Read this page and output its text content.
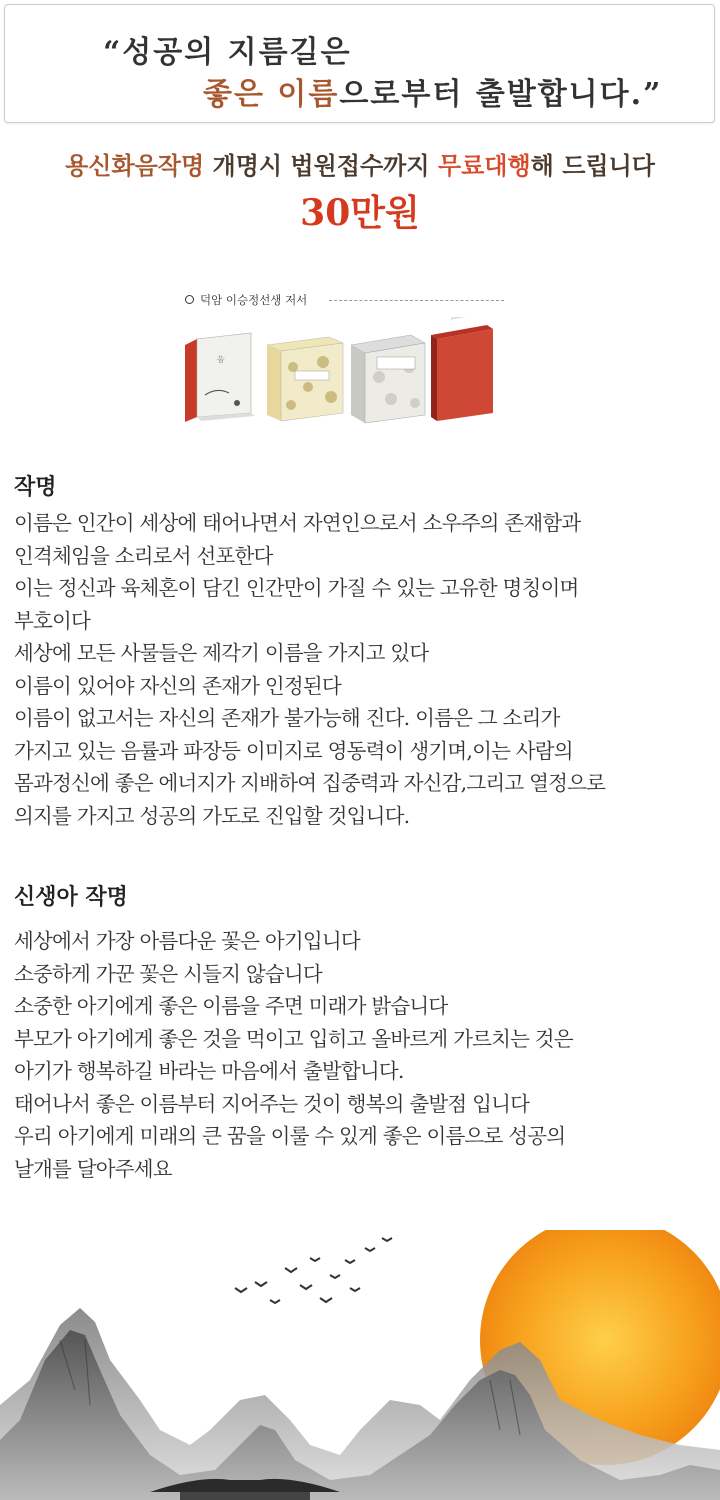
“성공의 지름길은
좋은 이름으로부터 출발합니다.”
용신화음작명 개명시 법원접수까지 무료대행해 드립니다
30만원
덕암 이승정선생 저서
음
작명
이름은 인간이 세상에 태어나면서 자연인으로서 소우주의 존재함과
인격체임을 소리로서 선포한다
이는 정신과 육체혼이 담긴 인간만이 가질 수 있는 고유한 명칭이며
부호이다
세상에 모든 사물들은 제각기 이름을 가지고 있다
이름이 있어야 자신의 존재가 인정된다
이름이 없고서는 자신의 존재가 불가능해 진다. 이름은 그 소리가
가지고 있는 음률과 파장등 이미지로 영동력이 생기며,이는 사람의
몸과정신에 좋은 에너지가 지배하여 집중력과 자신감,그리고 열정으로
의지를 가지고 성공의 가도로 진입할 것입니다.
신생아 작명
세상에서 가장 아름다운 꽃은 아기입니다
소중하게 가꾼 꽃은 시들지 않습니다
소중한 아기에게 좋은 이름을 주면 미래가 밝습니다
부모가 아기에게 좋은 것을 먹이고 입히고 올바르게 가르치는 것은
아기가 행복하길 바라는 마음에서 출발합니다.
태어나서 좋은 이름부터 지어주는 것이 행복의 출발점 입니다
우리 아기에게 미래의 큰 꿈을 이룰 수 있게 좋은 이름으로 성공의
날개를 달아주세요
